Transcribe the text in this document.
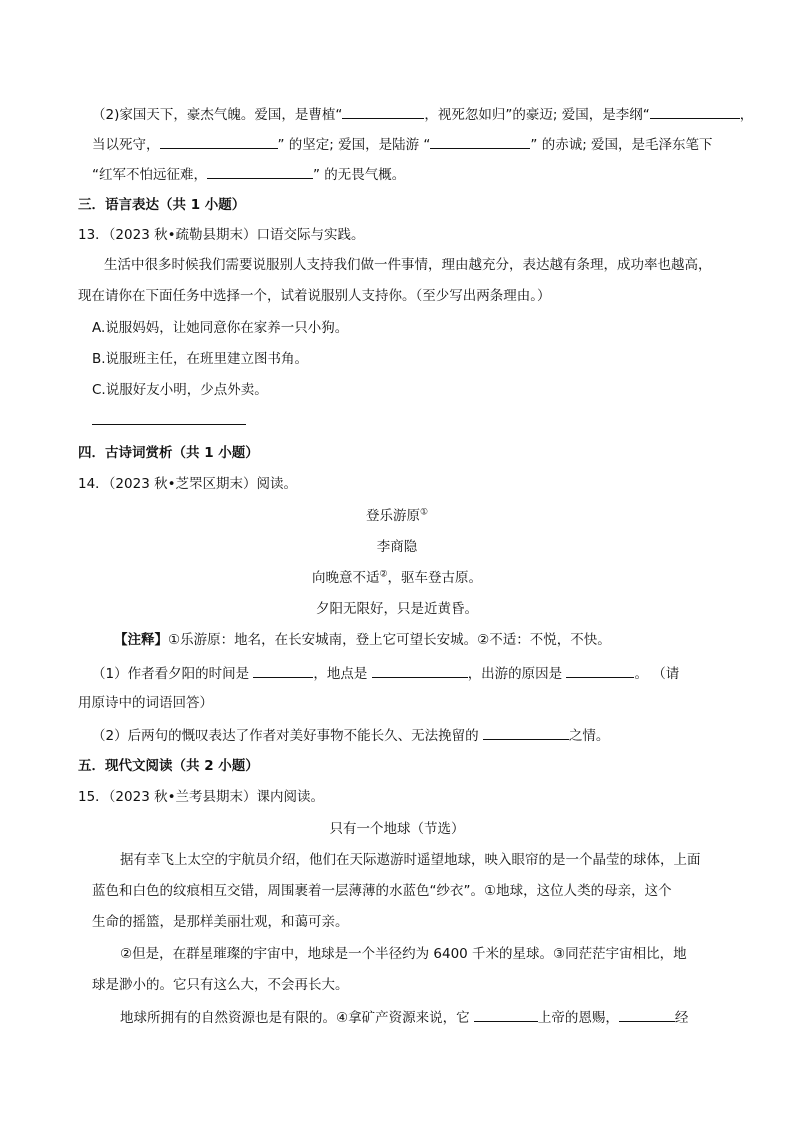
（2)家国天下，豪杰气魄。爱国，是曹植“	，视死忽如归”的豪迈; 爱国，是李纲“	，
当以死守，	” 的坚定; 爱国，是陆游 “	” 的赤诚; 爱国，是毛泽东笔下
“红军不怕远征难，	” 的无畏气概。
三．语言表达（共 1 小题）
13．（2023 秋•疏勒县期末）口语交际与实践。
生活中很多时候我们需要说服别人支持我们做一件事情，理由越充分，表达越有条理，成功率也越高，
现在请你在下面任务中选择一个，试着说服别人支持你。（至少写出两条理由。）
A.说服妈妈，让她同意你在家养一只小狗。
B.说服班主任，在班里建立图书角。
C.说服好友小明，少点外卖。
四．古诗词赏析（共 1 小题）
14．（2023 秋•芝罘区期末）阅读。
登乐游原①
李商隐
向晚意不适②，驱车登古原。
夕阳无限好，只是近黄昏。
【注释】①乐游原：地名，在长安城南，登上它可望长安城。②不适：不悦，不快。
（1）作者看夕阳的时间是	，地点是	，出游的原因是	。 （请
用原诗中的词语回答）
（2）后两句的慨叹表达了作者对美好事物不能长久、无法挽留的	之情。
五．现代文阅读（共 2 小题）
15．（2023 秋•兰考县期末）课内阅读。
只有一个地球（节选）
据有幸飞上太空的宇航员介绍，他们在天际遨游时遥望地球，映入眼帘的是一个晶莹的球体，上面
蓝色和白色的纹痕相互交错，周围裹着一层薄薄的水蓝色“纱衣”。①地球，这位人类的母亲，这个
生命的摇篮，是那样美丽壮观，和蔼可亲。
②但是，在群星璀璨的宇宙中，地球是一个半径约为 6400 千米的星球。③同茫茫宇宙相比，地
球是渺小的。它只有这么大，不会再长大。
地球所拥有的自然资源也是有限的。④拿矿产资源来说，它	上帝的恩赐，	经
